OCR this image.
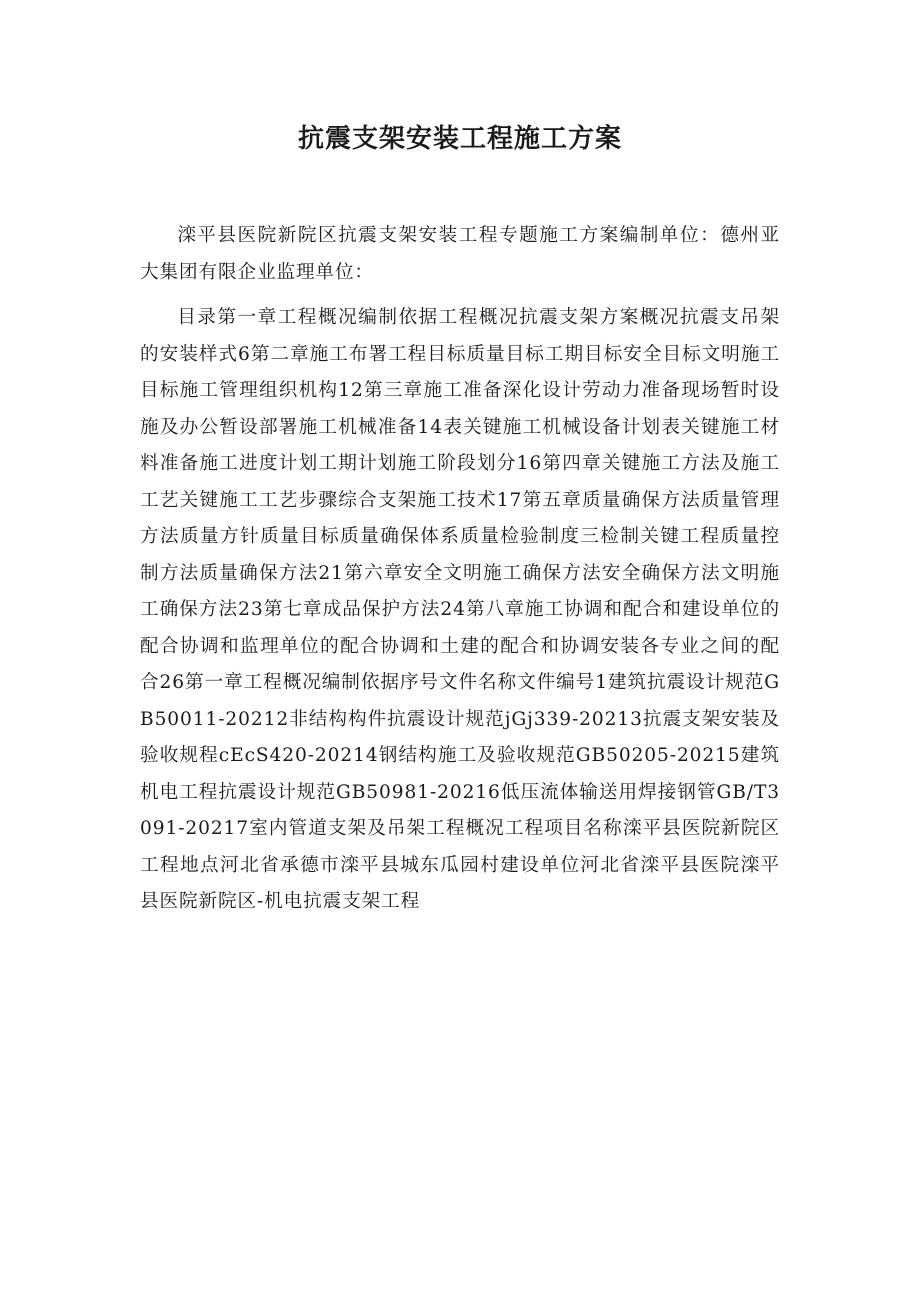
抗震支架安装工程施工方案

滦平县医院新院区抗震支架安装工程专题施工方案编制单位：德州亚大集团有限企业监理单位：

目录第一章工程概况编制依据工程概况抗震支架方案概况抗震支吊架的安装样式6第二章施工布署工程目标质量目标工期目标安全目标文明施工目标施工管理组织机构12第三章施工准备深化设计劳动力准备现场暂时设施及办公暂设部署施工机械准备14表关键施工机械设备计划表关键施工材料准备施工进度计划工期计划施工阶段划分16第四章关键施工方法及施工工艺关键施工工艺步骤综合支架施工技术17第五章质量确保方法质量管理方法质量方针质量目标质量确保体系质量检验制度三检制关键工程质量控制方法质量确保方法21第六章安全文明施工确保方法安全确保方法文明施工确保方法23第七章成品保护方法24第八章施工协调和配合和建设单位的配合协调和监理单位的配合协调和土建的配合和协调安装各专业之间的配合26第一章工程概况编制依据序号文件名称文件编号1建筑抗震设计规范GB50011-20212非结构构件抗震设计规范jGj339-20213抗震支架安装及验收规程cEcS420-20214钢结构施工及验收规范GB50205-20215建筑机电工程抗震设计规范GB50981-20216低压流体输送用焊接钢管GB/T3091-20217室内管道支架及吊架工程概况工程项目名称滦平县医院新院区工程地点河北省承德市滦平县城东瓜园村建设单位河北省滦平县医院滦平县医院新院区-机电抗震支架工程
